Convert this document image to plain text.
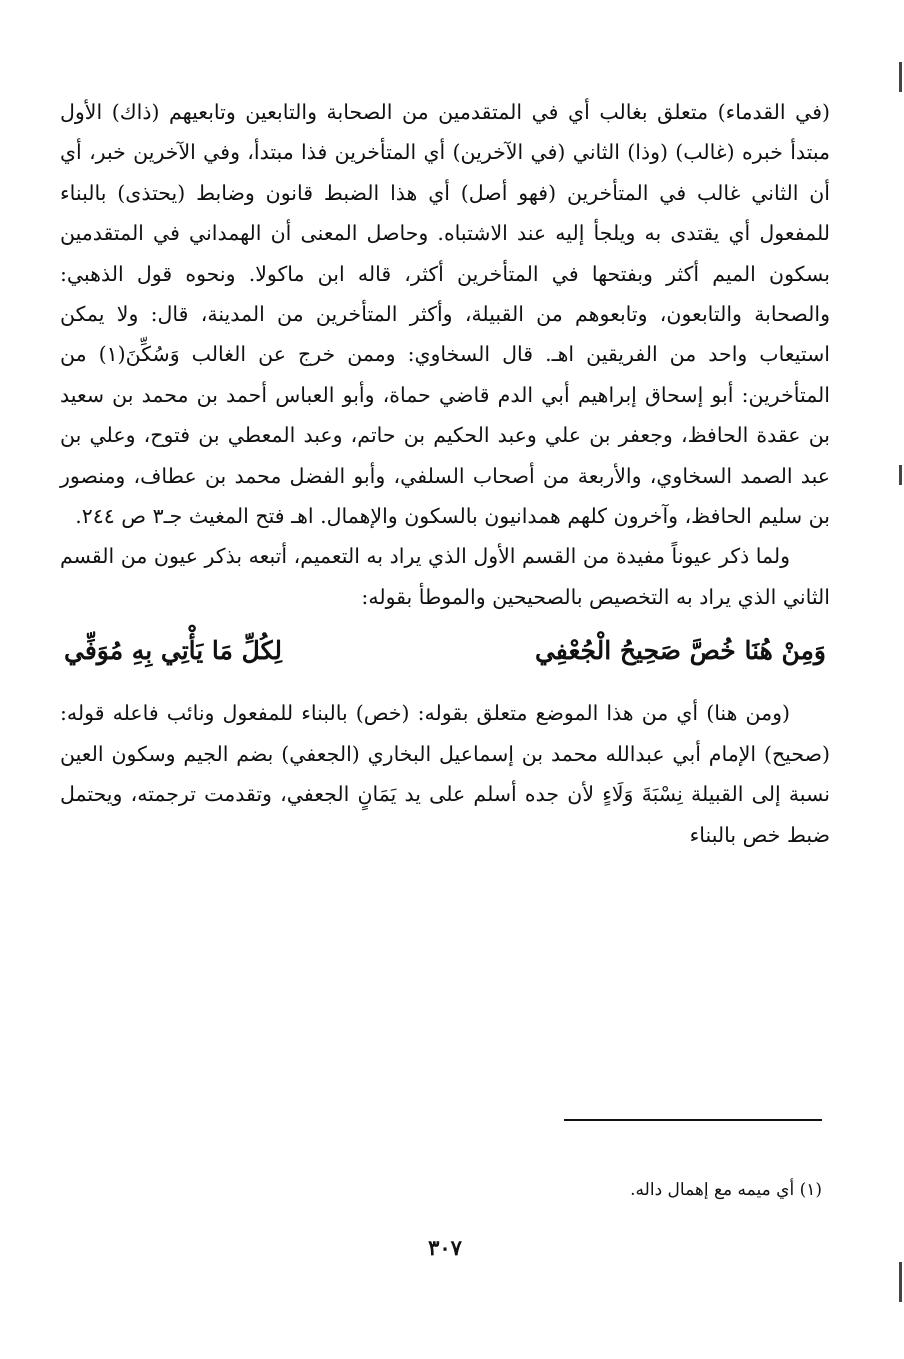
(في القدماء) متعلق بغالب أي في المتقدمين من الصحابة والتابعين وتابعيهم (ذاك) الأول مبتدأ خبره (غالب) (وذا) الثاني (في الآخرين) أي المتأخرين فذا مبتدأ، وفي الآخرين خبر، أي أن الثاني غالب في المتأخرين (فهو أصل) أي هذا الضبط قانون وضابط (يحتذى) بالبناء للمفعول أي يقتدى به ويلجأ إليه عند الاشتباه. وحاصل المعنى أن الهمداني في المتقدمين بسكون الميم أكثر وبفتحها في المتأخرين أكثر، قاله ابن ماكولا. ونحوه قول الذهبي: والصحابة والتابعون، وتابعوهم من القبيلة، وأكثر المتأخرين من المدينة، قال: ولا يمكن استيعاب واحد من الفريقين اهـ. قال السخاوي: وممن خرج عن الغالب وَسُكِّنَ(١) من المتأخرين: أبو إسحاق إبراهيم أبي الدم قاضي حماة، وأبو العباس أحمد بن محمد بن سعيد بن عقدة الحافظ، وجعفر بن علي وعبد الحكيم بن حاتم، وعبد المعطي بن فتوح، وعلي بن عبد الصمد السخاوي، والأربعة من أصحاب السلفي، وأبو الفضل محمد بن عطاف، ومنصور بن سليم الحافظ، وآخرون كلهم همدانيون بالسكون والإهمال. اهـ فتح المغيث جـ٣ ص ٢٤٤.

ولما ذكر عيوناً مفيدة من القسم الأول الذي يراد به التعميم، أتبعه بذكر عيون من القسم الثاني الذي يراد به التخصيص بالصحيحين والموطأ بقوله:

وَمِنْ هُنَا خُصَّ صَحِيحُ الْجُعْفِي
لِكُلِّ مَا يَأْتِي بِهِ مُوَفِّي

(ومن هنا) أي من هذا الموضع متعلق بقوله: (خص) بالبناء للمفعول ونائب فاعله قوله: (صحيح) الإمام أبي عبدالله محمد بن إسماعيل البخاري (الجعفي) بضم الجيم وسكون العين نسبة إلى القبيلة نِسْبَةَ وَلَاءٍ لأن جده أسلم على يد يَمَانٍ الجعفي، وتقدمت ترجمته، ويحتمل ضبط خص بالبناء

(١) أي ميمه مع إهمال داله.
٣٠٧
